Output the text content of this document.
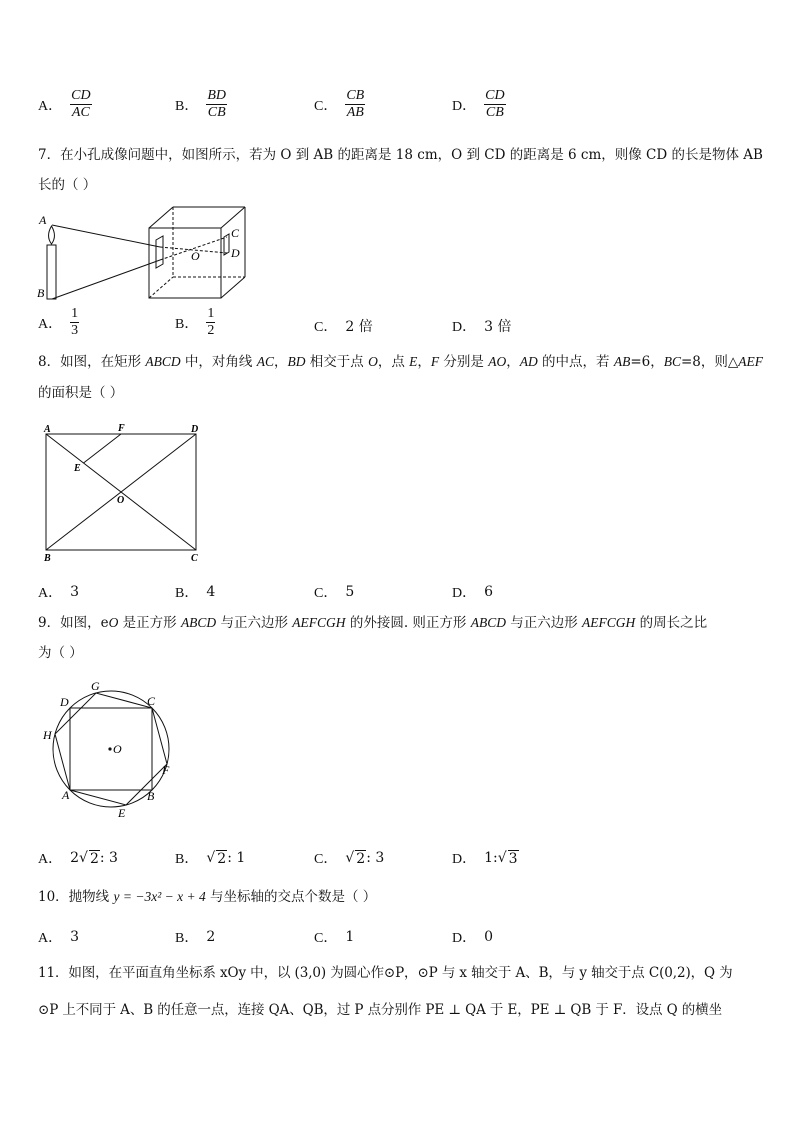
A． $\frac{CD}{AC}$	B． $\frac{BD}{CB}$	C． $\frac{CB}{AB}$	D． $\frac{CD}{CB}$
7．在小孔成像问题中，如图所示，若为 O 到 AB 的距离是 18 cm，O 到 CD 的距离是 6 cm，则像 CD 的长是物体 AB
长的（ ）
A
B
C
D
O
A． $\frac{1}{3}$	B． $\frac{1}{2}$	C． 2 倍	D． 3 倍
8．如图，在矩形 ABCD 中，对角线 AC，BD 相交于点 O，点 E，F 分别是 AO，AD 的中点，若 AB=6，BC=8，则△AEF
的面积是（ ）
A	F	D
E
O
B	C
A． 3	B． 4	C． 5	D． 6
9．如图，eO 是正方形 ABCD 与正六边形 AEFCGH 的外接圆. 则正方形 ABCD 与正六边形 AEFCGH 的周长之比
为（ ）
O
A	B
C
D
E
F
G
H
A． 2 √ 2 : 3	B． √ 2 : 1	C． √ 2 : 3	D． 1: √ 3
10．抛物线 y = −3x² − x + 4 与坐标轴的交点个数是（ ）
A． 3	B． 2	C． 1	D． 0
11．如图，在平面直角坐标系 xOy 中，以 (3,0) 为圆心作⊙P，⊙P 与 x 轴交于 A、B，与 y 轴交于点 C(0,2)，Q 为
⊙P 上不同于 A、B 的任意一点，连接 QA、QB，过 P 点分别作 PE ⊥ QA 于 E，PE ⊥ QB 于 F．设点 Q 的横坐
